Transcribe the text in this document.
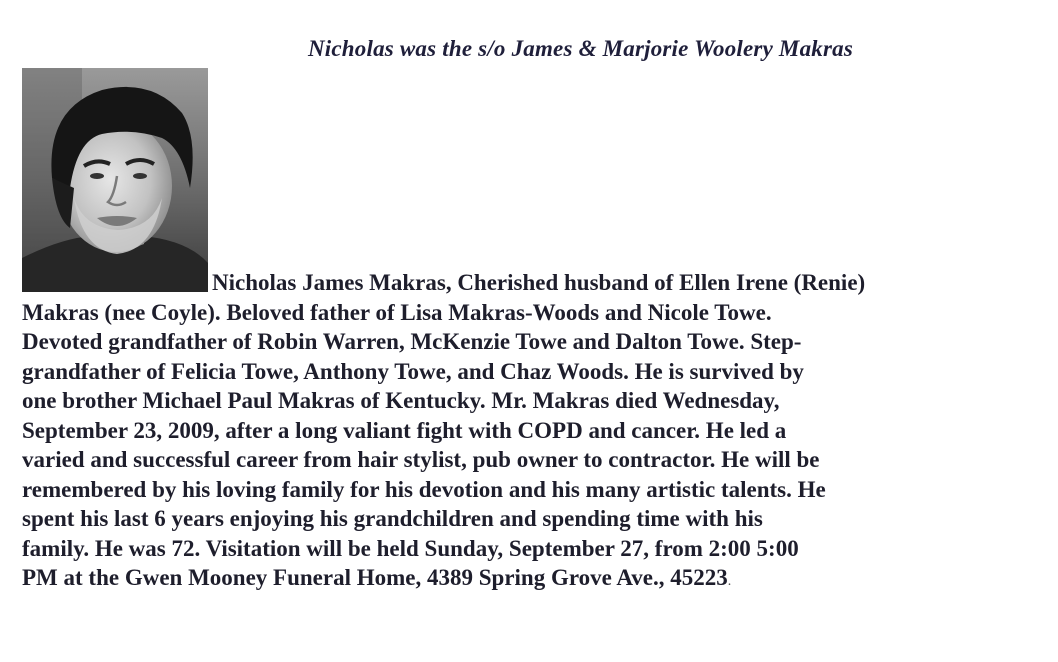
Nicholas was the s/o James & Marjorie Woolery Makras

Nicholas James Makras, Cherished husband of Ellen Irene (Renie)
Makras (nee Coyle). Beloved father of Lisa Makras-Woods and Nicole Towe.
Devoted grandfather of Robin Warren, McKenzie Towe and Dalton Towe. Step-
grandfather of Felicia Towe, Anthony Towe, and Chaz Woods. He is survived by
one brother Michael Paul Makras of Kentucky. Mr. Makras died Wednesday,
September 23, 2009, after a long valiant fight with COPD and cancer. He led a
varied and successful career from hair stylist, pub owner to contractor. He will be
remembered by his loving family for his devotion and his many artistic talents. He
spent his last 6 years enjoying his grandchildren and spending time with his
family. He was 72. Visitation will be held Sunday, September 27, from 2:00 5:00
PM at the Gwen Mooney Funeral Home, 4389 Spring Grove Ave., 45223.
